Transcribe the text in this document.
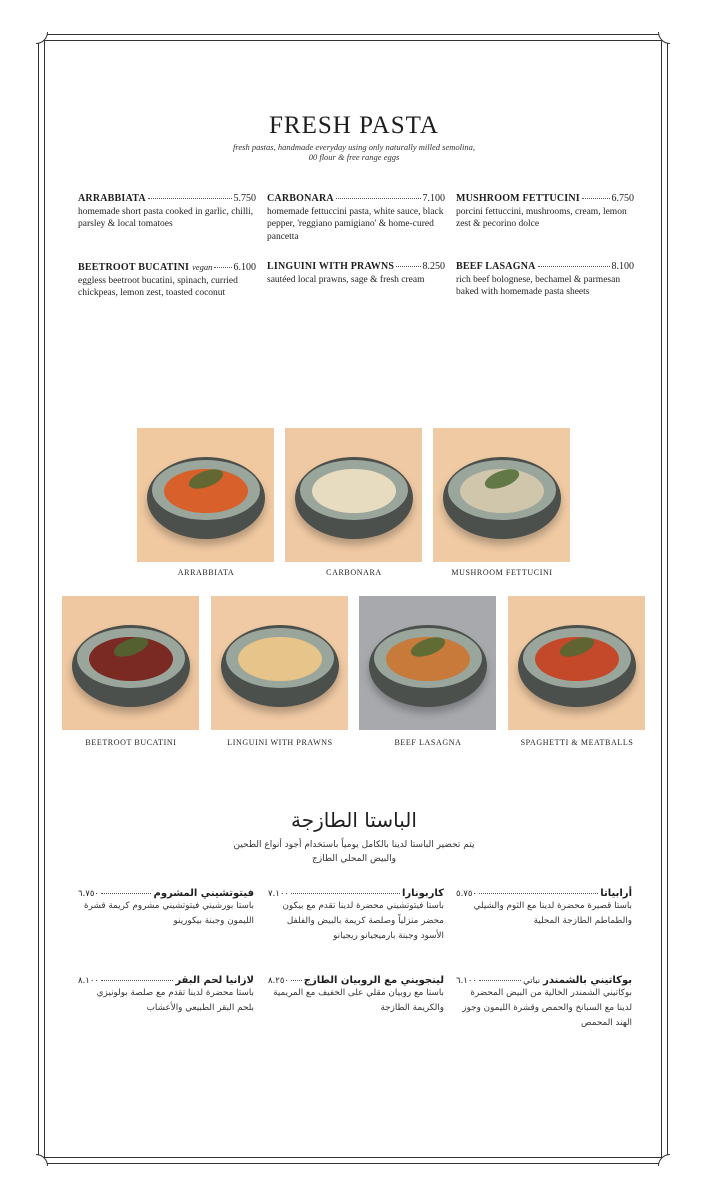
FRESH PASTA
fresh pastas, handmade everyday using only naturally milled semolina,
00 flour & free range eggs
ARRABBIATA	5.750
homemade short pasta cooked in garlic, chilli, parsley & local tomatoes
CARBONARA	7.100
homemade fettuccini pasta, white sauce, black pepper, 'reggiano pamigiano' & home-cured pancetta
MUSHROOM FETTUCINI	6.750
porcini fettuccini, mushrooms, cream, lemon zest & pecorino dolce
BEETROOT BUCATINI vegan 6.100
eggless beetroot bucatini, spinach, curried chickpeas, lemon zest, toasted coconut
LINGUINI WITH PRAWNS	8.250
sautéed local prawns, sage & fresh cream
BEEF LASAGNA	8.100
rich beef bolognese, bechamel & parmesan baked with homemade pasta sheets
ARRABBIATA	CARBONARA	MUSHROOM FETTUCINI
BEETROOT BUCATINI	LINGUINI WITH PRAWNS	BEEF LASAGNA	SPAGHETTI & MEATBALLS
الباستا الطازجة
يتم تحضير الباستا لدينا بالكامل يومياً باستخدام أجود أنواع الطحين
والبيض المحلي الطازج
أرابياتا
٥.٧٥٠
باستا قصيرة محضرة لدينا مع الثوم والشيلي والطماطم الطازجة المحلية
كاربونارا
٧.١٠٠
باستا فيتوتشيني محضرة لدينا تقدم مع بيكون محضر منزلياً وصلصة كريمة بالبيض والفلفل الأسود وجبنة بارميجيانو ريجيانو
فيتوتشيني المشروم
٦.٧٥٠
باستا بورشيني فيتوتشيني مشروم كريمة قشرة الليمون وجبنة بيكورينو
بوكاتيني بالشمندر
نباتي
٦.١٠٠
بوكاتيني الشمندر الخالية من البيض المحضرة لدينا مع السبانخ والحمص وقشرة الليمون وجوز الهند المحمص
لينجويني مع الروبيان الطازج
٨.٢٥٠
باستا مع روبيان مقلي على الخفيف مع المريمية والكريمة الطازجة
لازانيا لحم البقر
٨.١٠٠
باستا محضرة لدينا تقدم مع صلصة بولونيزي بلحم البقر الطبيعي والأعشاب
